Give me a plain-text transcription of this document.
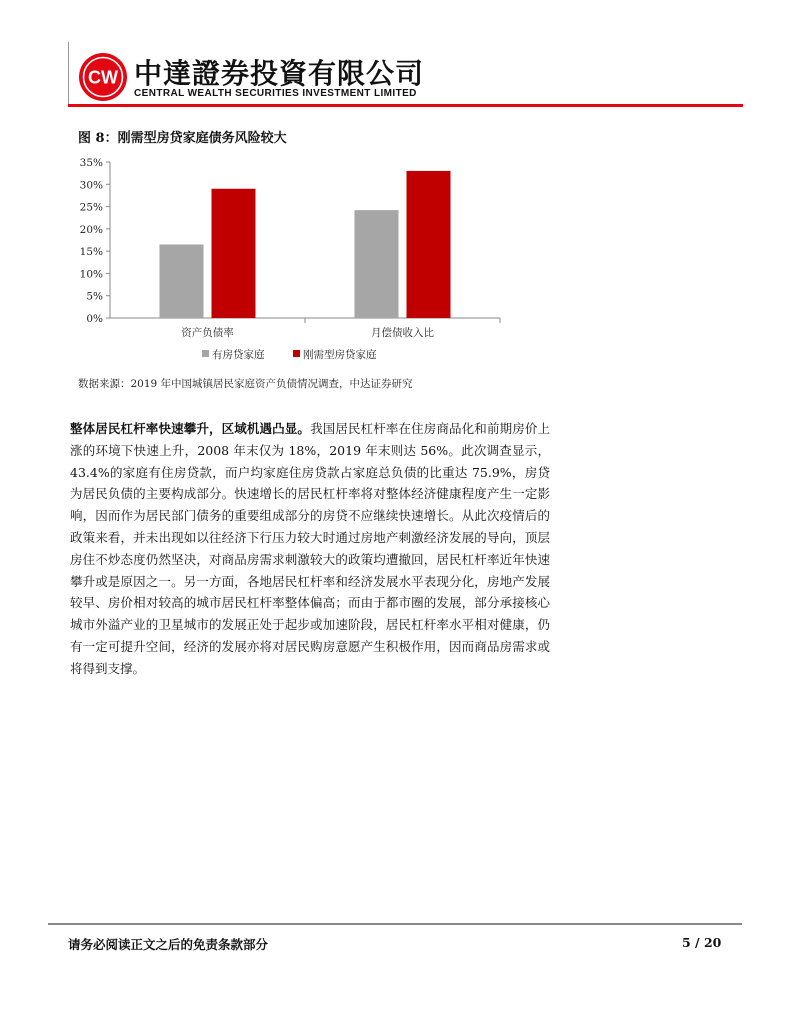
CW 中達證券投資有限公司
CENTRAL WEALTH SECURITIES INVESTMENT LIMITED
图 8：刚需型房贷家庭债务风险较大
0%
5%
10%
15%
20%
25%
30%
35%
资产负债率	月偿债收入比
有房贷家庭	刚需型房贷家庭
数据来源：2019 年中国城镇居民家庭资产负债情况调查，中达证券研究
整体居民杠杆率快速攀升，区域机遇凸显。我国居民杠杆率在住房商品化和前期房价上涨的环境下快速上升，2008 年末仅为 18%，2019 年末则达 56%。此次调查显示，43.4%的家庭有住房贷款，而户均家庭住房贷款占家庭总负债的比重达 75.9%，房贷为居民负债的主要构成部分。快速增长的居民杠杆率将对整体经济健康程度产生一定影响，因而作为居民部门债务的重要组成部分的房贷不应继续快速增长。从此次疫情后的政策来看，并未出现如以往经济下行压力较大时通过房地产刺激经济发展的导向，顶层房住不炒态度仍然坚决，对商品房需求刺激较大的政策均遭撤回，居民杠杆率近年快速攀升或是原因之一。另一方面，各地居民杠杆率和经济发展水平表现分化，房地产发展较早、房价相对较高的城市居民杠杆率整体偏高；而由于都市圈的发展，部分承接核心城市外溢产业的卫星城市的发展正处于起步或加速阶段，居民杠杆率水平相对健康，仍有一定可提升空间，经济的发展亦将对居民购房意愿产生积极作用，因而商品房需求或将得到支撑。
请务必阅读正文之后的免责条款部分	5 / 20
